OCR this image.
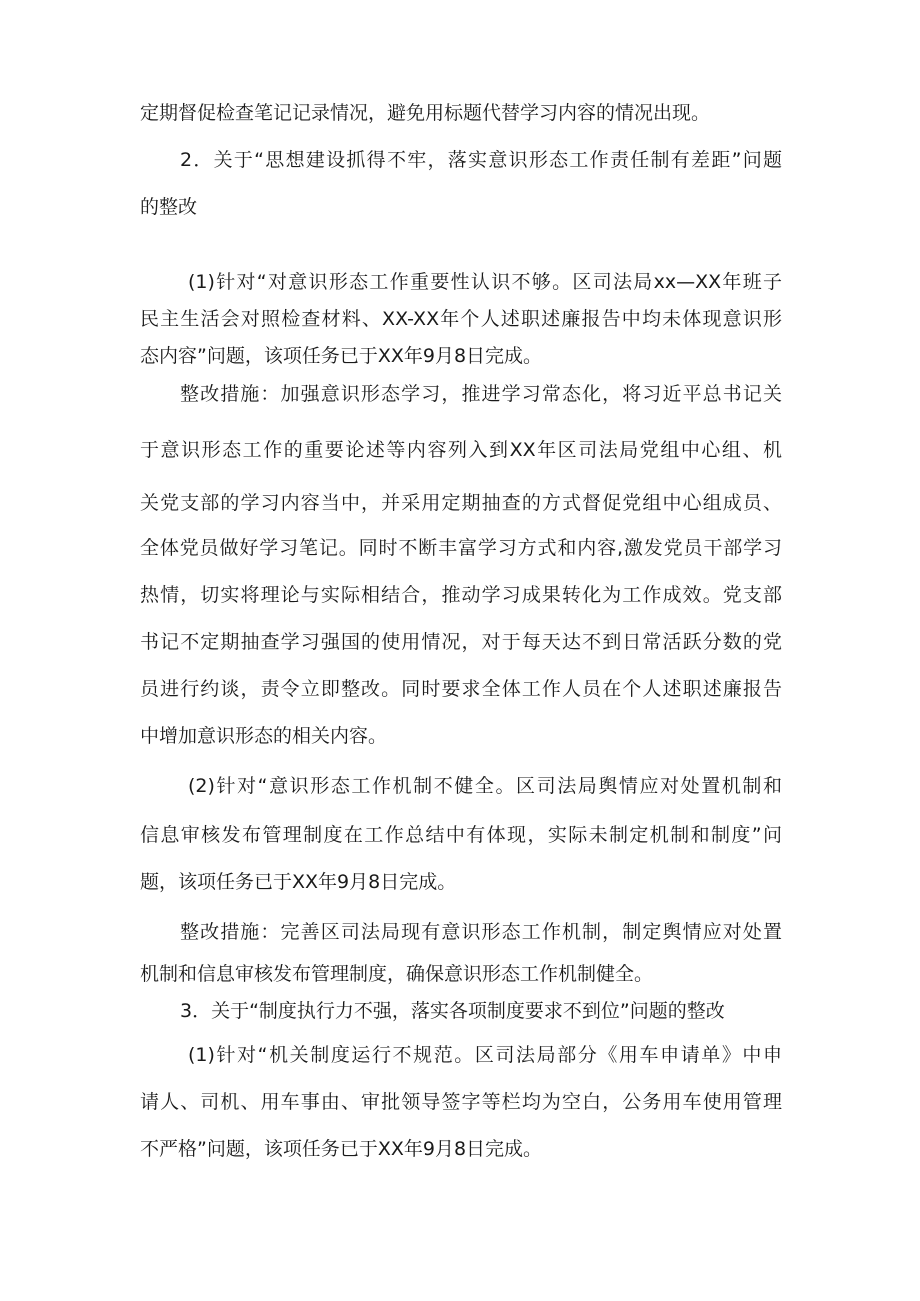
定期督促检查笔记记录情况，避免用标题代替学习内容的情况出现。
2．关于“思想建设抓得不牢，落实意识形态工作责任制有差距”问题
的整改
(1)针对“对意识形态工作重要性认识不够。区司法局xx—XX年班子
民主生活会对照检查材料、XX-XX年个人述职述廉报告中均未体现意识形
态内容”问题，该项任务已于XX年9月8日完成。
整改措施：加强意识形态学习，推进学习常态化，将习近平总书记关
于意识形态工作的重要论述等内容列入到XX年区司法局党组中心组、机
关党支部的学习内容当中，并采用定期抽查的方式督促党组中心组成员、
全体党员做好学习笔记。同时不断丰富学习方式和内容,激发党员干部学习
热情，切实将理论与实际相结合，推动学习成果转化为工作成效。党支部
书记不定期抽查学习强国的使用情况，对于每天达不到日常活跃分数的党
员进行约谈，责令立即整改。同时要求全体工作人员在个人述职述廉报告
中增加意识形态的相关内容。
(2)针对“意识形态工作机制不健全。区司法局舆情应对处置机制和
信息审核发布管理制度在工作总结中有体现，实际未制定机制和制度”问
题，该项任务已于XX年9月8日完成。
整改措施：完善区司法局现有意识形态工作机制，制定舆情应对处置
机制和信息审核发布管理制度，确保意识形态工作机制健全。
3．关于“制度执行力不强，落实各项制度要求不到位”问题的整改
(1)针对“机关制度运行不规范。区司法局部分《用车申请单》中申
请人、司机、用车事由、审批领导签字等栏均为空白，公务用车使用管理
不严格”问题，该项任务已于XX年9月8日完成。
